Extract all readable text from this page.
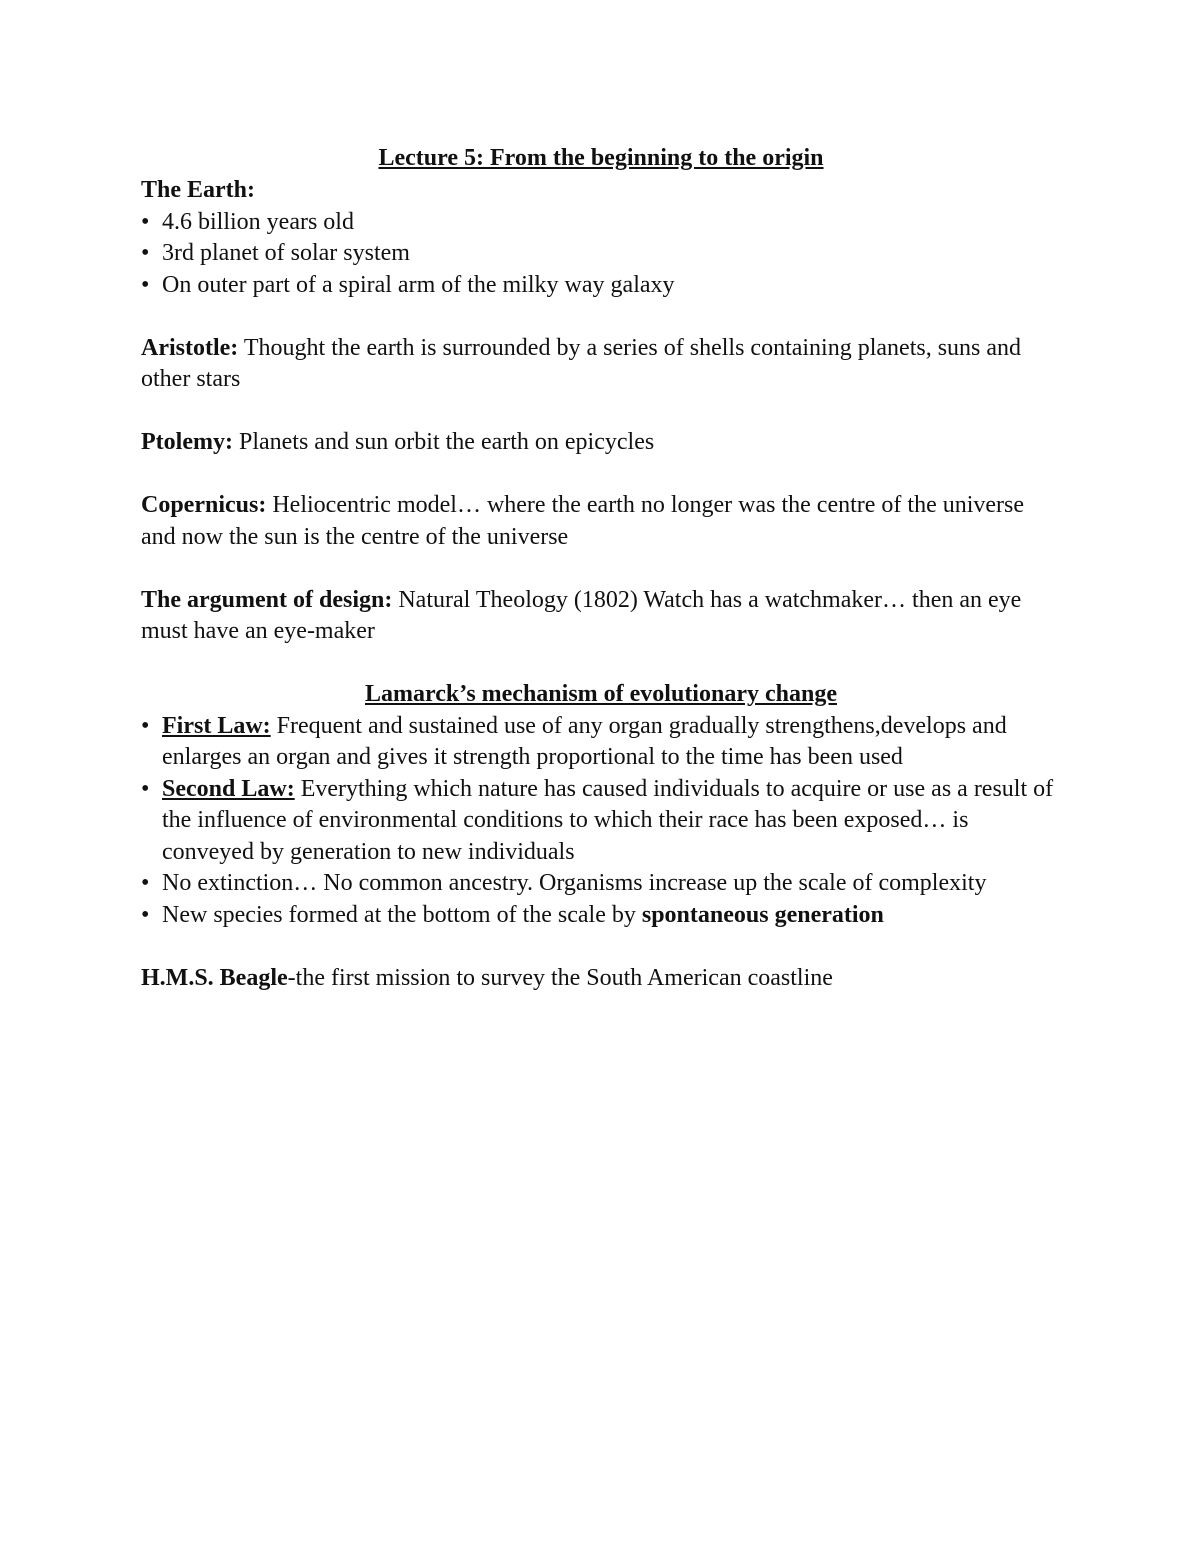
Lecture 5: From the beginning to the origin

The Earth:

• 4.6 billion years old
• 3rd planet of solar system
• On outer part of a spiral arm of the milky way galaxy

Aristotle: Thought the earth is surrounded by a series of shells containing planets, suns and other stars

Ptolemy: Planets and sun orbit the earth on epicycles

Copernicus: Heliocentric model… where the earth no longer was the centre of the universe and now the sun is the centre of the universe

The argument of design: Natural Theology (1802) Watch has a watchmaker… then an eye must have an eye-maker

Lamarck’s mechanism of evolutionary change

• First Law: Frequent and sustained use of any organ gradually strengthens,develops and enlarges an organ and gives it strength proportional to the time has been used
• Second Law: Everything which nature has caused individuals to acquire or use as a result of the influence of environmental conditions to which their race has been exposed… is conveyed by generation to new individuals
• No extinction… No common ancestry. Organisms increase up the scale of complexity
• New species formed at the bottom of the scale by spontaneous generation

H.M.S. Beagle-the first mission to survey the South American coastline
